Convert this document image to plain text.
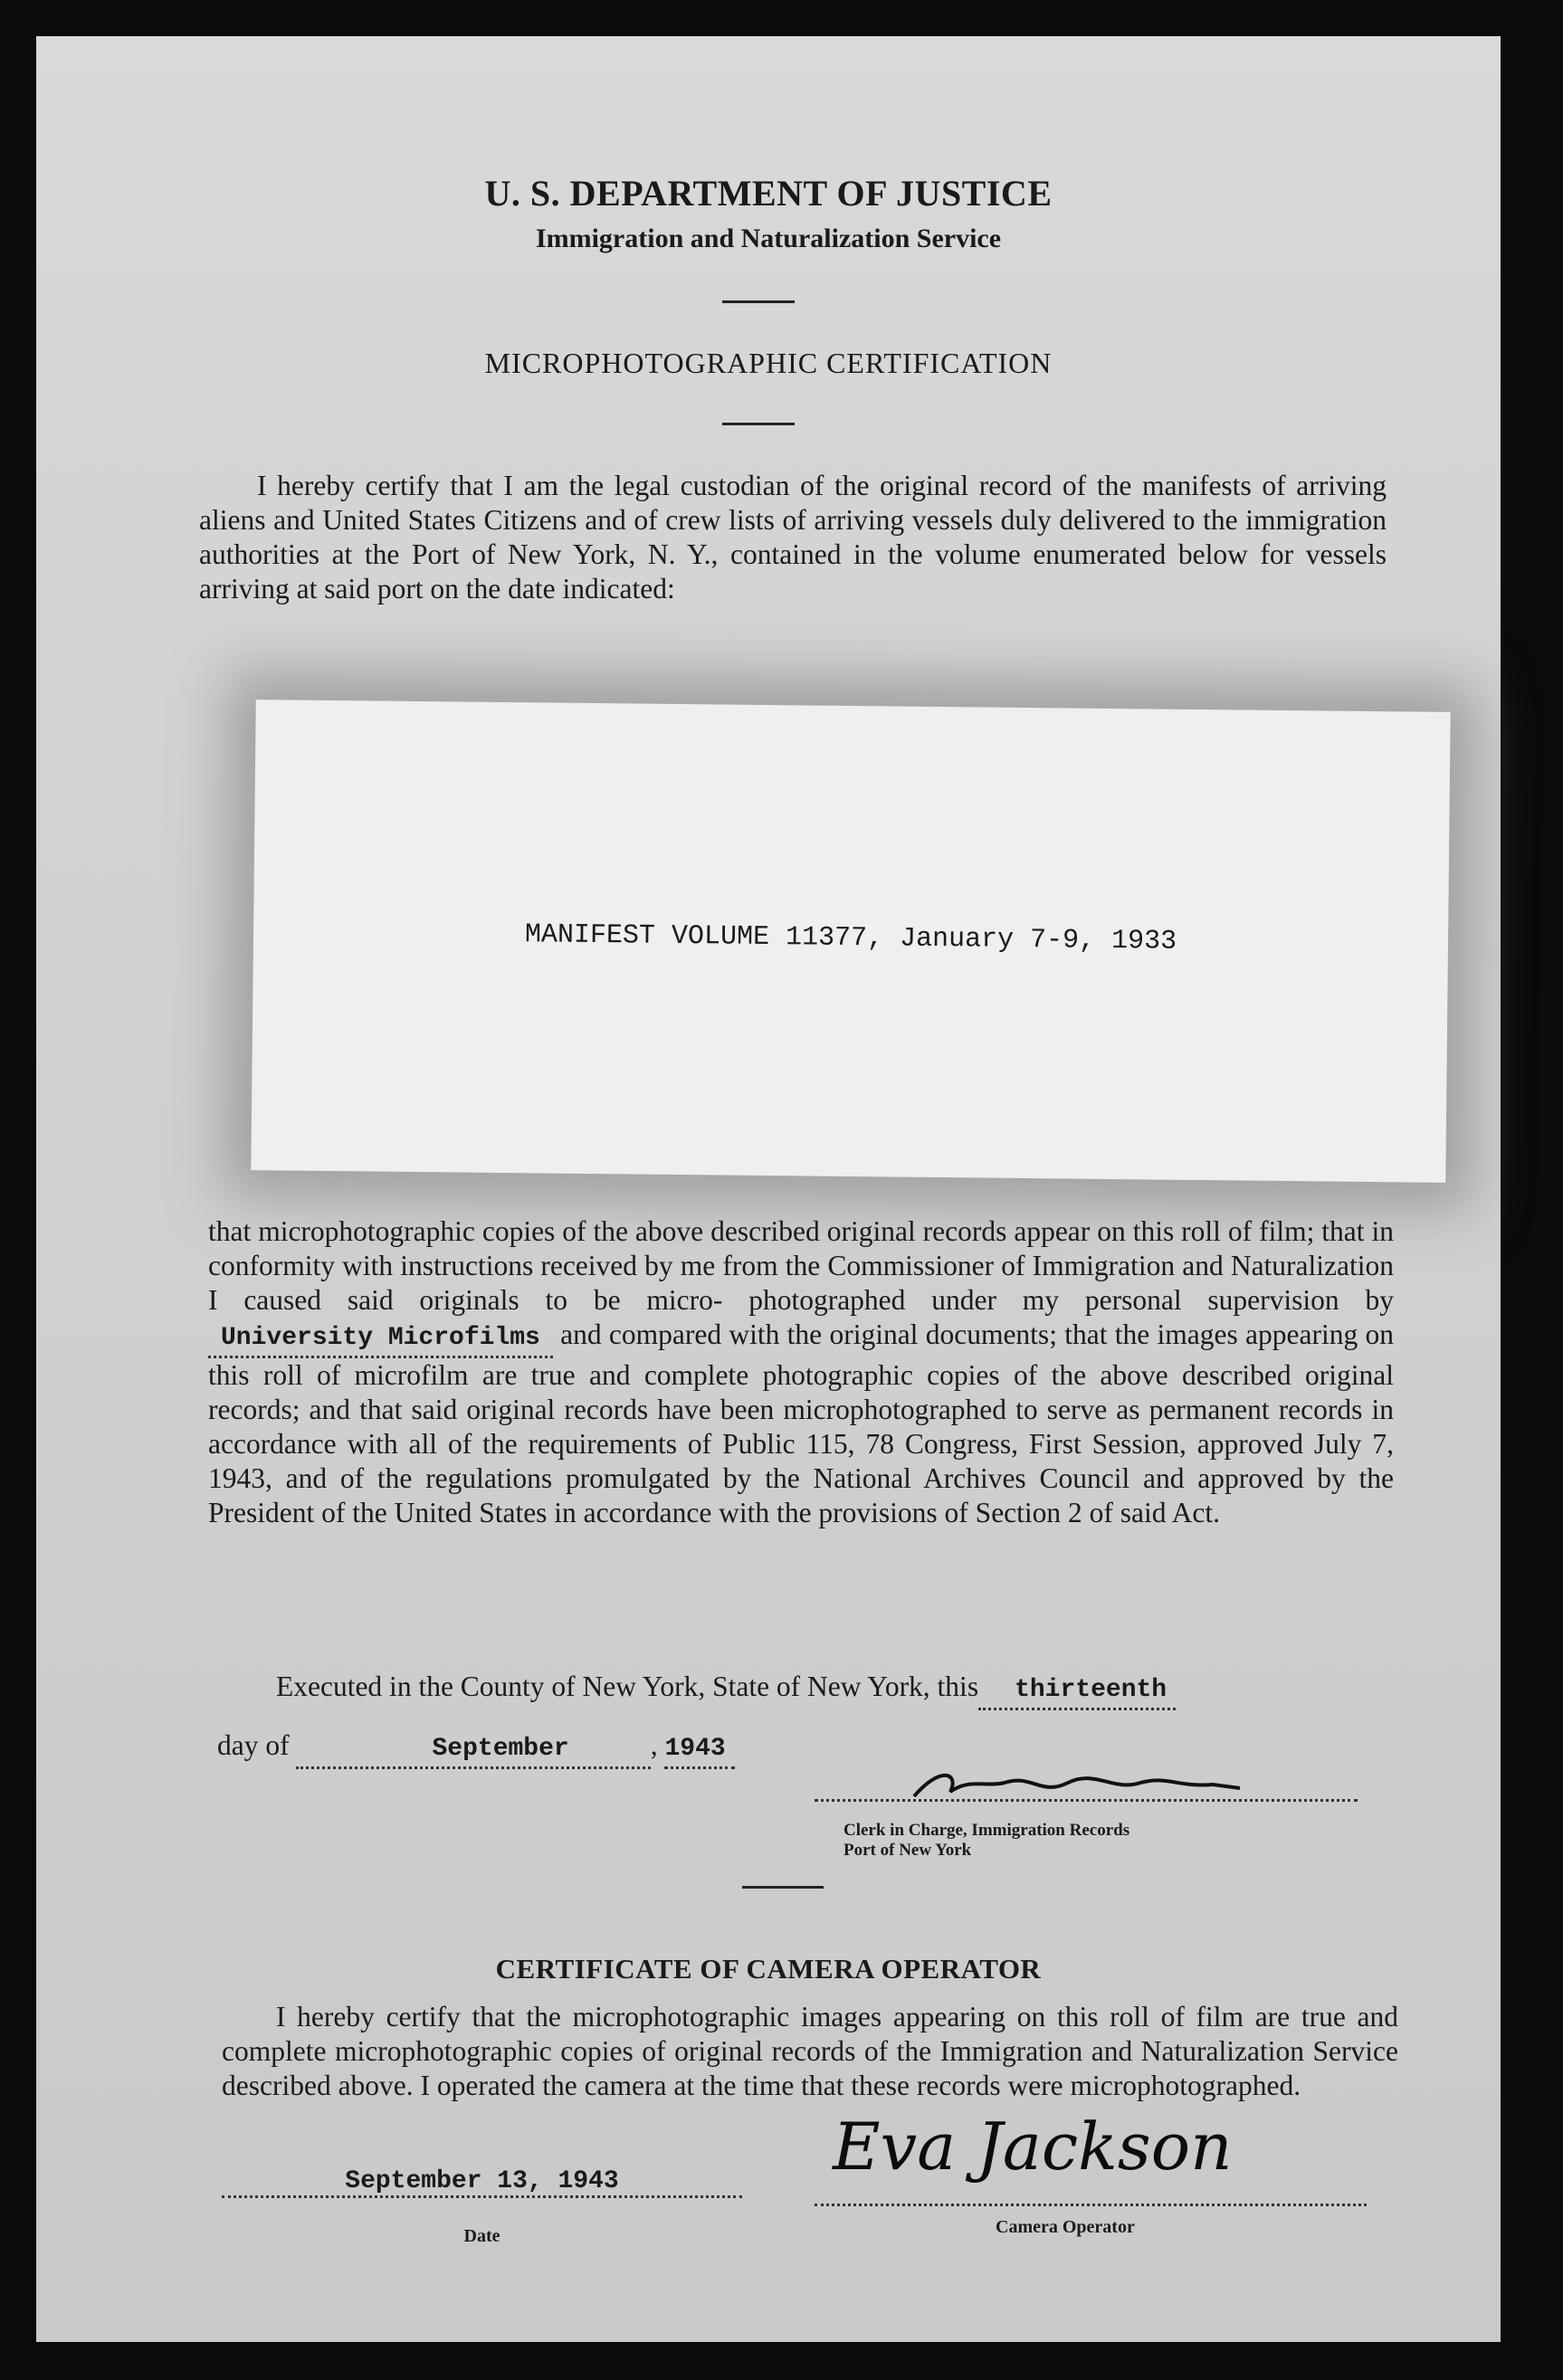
U. S. DEPARTMENT OF JUSTICE
Immigration and Naturalization Service
MICROPHOTOGRAPHIC CERTIFICATION
I hereby certify that I am the legal custodian of the original record of the manifests of arriving aliens and United States Citizens and of crew lists of arriving vessels duly delivered to the immigration authorities at the Port of New York, N. Y., contained in the volume enumerated below for vessels arriving at said port on the date indicated:
MANIFEST VOLUME 11377, January 7-9, 1933
that microphotographic copies of the above described original records appear on this roll of film; that in conformity with instructions received by me from the Commissioner of Immigration and Naturalization I caused said originals to be micro- photographed under my personal supervision by University Microfilms and compared with the original documents; that the images appearing on this roll of microfilm are true and complete photographic copies of the above described original records; and that said original records have been microphotographed to serve as permanent records in accordance with all of the requirements of Public 115, 78 Congress, First Session, approved July 7, 1943, and of the regulations promulgated by the National Archives Council and approved by the President of the United States in accordance with the provisions of Section 2 of said Act.
Executed in the County of New York, State of New York, this thirteenth
day of	September	, 1943
Clerk in Charge, Immigration Records
Port of New York
CERTIFICATE OF CAMERA OPERATOR
I hereby certify that the microphotographic images appearing on this roll of film are true and complete microphotographic copies of original records of the Immigration and Naturalization Service described above. I operated the camera at the time that these records were microphotographed.
September 13, 1943
Date
Eva Jackson
Camera Operator
